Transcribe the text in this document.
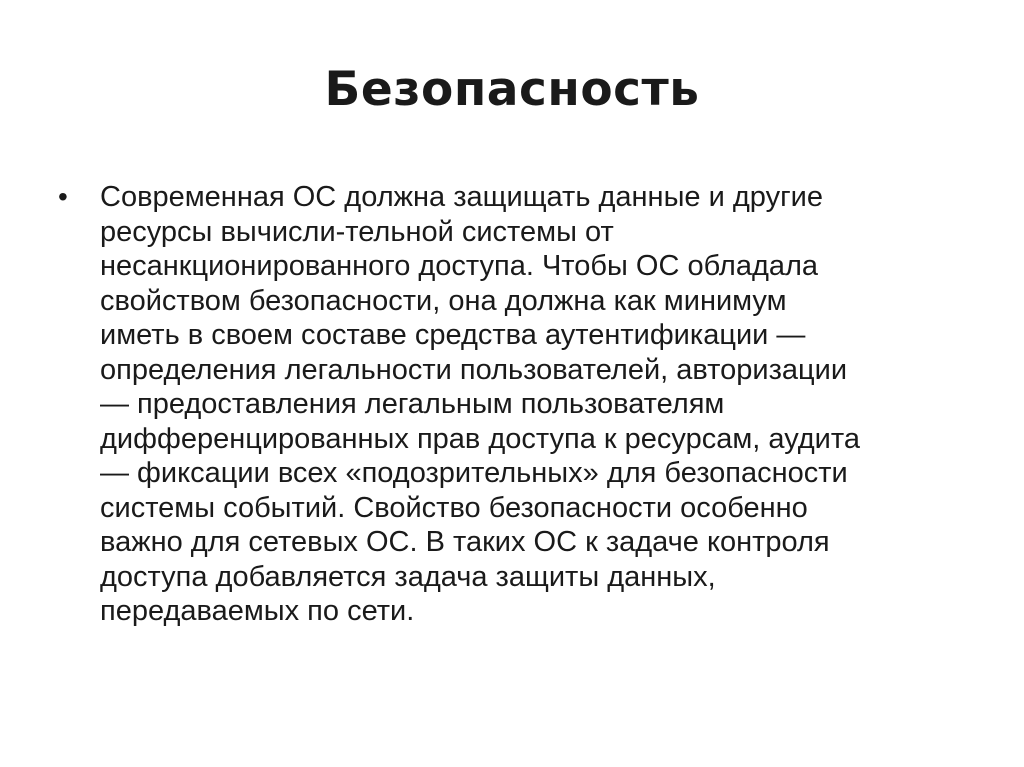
Безопасность
• Современная ОС должна защищать данные и другие
ресурсы вычисли-тельной системы от
несанкционированного доступа. Чтобы ОС обладала
свойством безопасности, она должна как минимум
иметь в своем составе средства аутентификации —
определения легальности пользователей, авторизации
— предоставления легальным пользователям
дифференцированных прав доступа к ресурсам, аудита
— фиксации всех «подозрительных» для безопасности
системы событий. Свойство безопасности особенно
важно для сетевых ОС. В таких ОС к задаче контроля
доступа добавляется задача защиты данных,
передаваемых по сети.
